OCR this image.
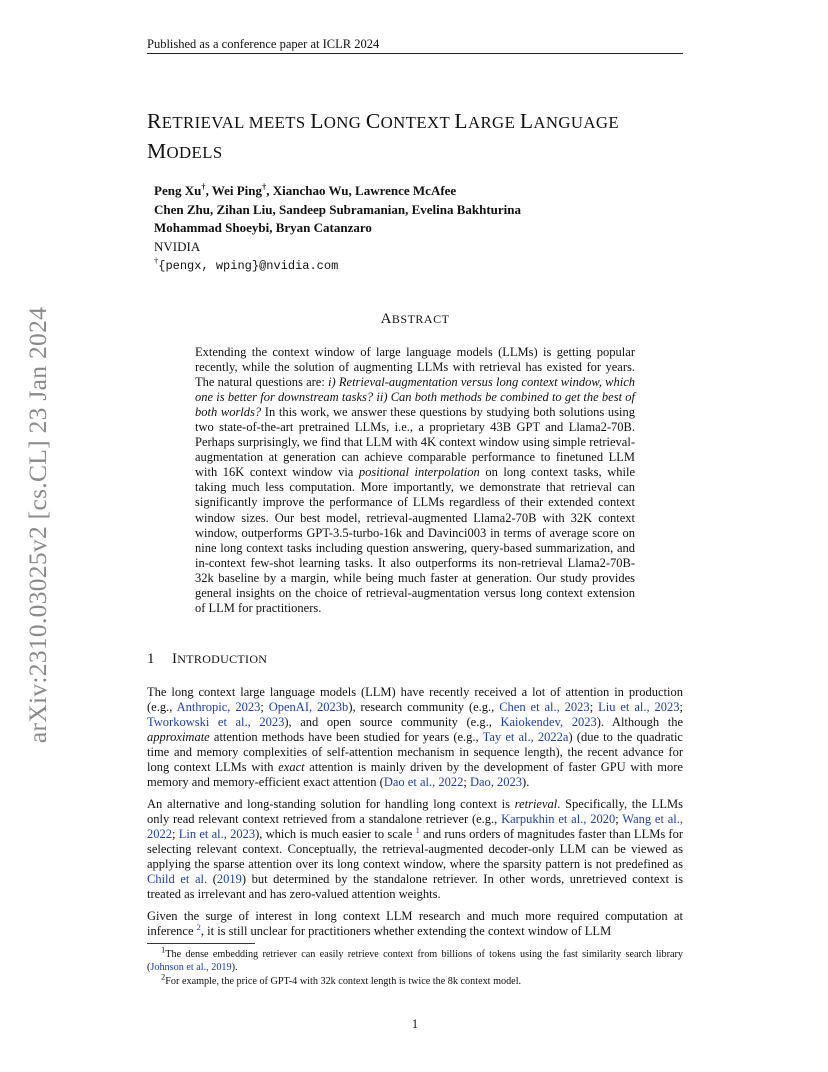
Published as a conference paper at ICLR 2024
arXiv:2310.03025v2 [cs.CL] 23 Jan 2024
RETRIEVAL MEETS LONG CONTEXT LARGE LANGUAGE
MODELS
Peng Xu†, Wei Ping†, Xianchao Wu, Lawrence McAfee
Chen Zhu, Zihan Liu, Sandeep Subramanian, Evelina Bakhturina
Mohammad Shoeybi, Bryan Catanzaro
NVIDIA
†{pengx, wping}@nvidia.com
ABSTRACT
Extending the context window of large language models (LLMs) is getting popular recently, while the solution of augmenting LLMs with retrieval has existed for years. The natural questions are: i) Retrieval-augmentation versus long context window, which one is better for downstream tasks? ii) Can both methods be combined to get the best of both worlds? In this work, we answer these questions by studying both solutions using two state-of-the-art pretrained LLMs, i.e., a proprietary 43B GPT and Llama2-70B. Perhaps surprisingly, we find that LLM with 4K context window using simple retrieval-augmentation at generation can achieve comparable performance to finetuned LLM with 16K context window via positional interpolation on long context tasks, while taking much less computation. More importantly, we demonstrate that retrieval can significantly improve the performance of LLMs regardless of their extended context window sizes. Our best model, retrieval-augmented Llama2-70B with 32K context window, outperforms GPT-3.5-turbo-16k and Davinci003 in terms of average score on nine long context tasks including question answering, query-based summarization, and in-context few-shot learning tasks. It also outperforms its non-retrieval Llama2-70B-32k baseline by a margin, while being much faster at generation. Our study provides general insights on the choice of retrieval-augmentation versus long context extension of LLM for practitioners.
1 INTRODUCTION
The long context large language models (LLM) have recently received a lot of attention in production (e.g., Anthropic, 2023; OpenAI, 2023b), research community (e.g., Chen et al., 2023; Liu et al., 2023; Tworkowski et al., 2023), and open source community (e.g., Kaiokendev, 2023). Although the approximate attention methods have been studied for years (e.g., Tay et al., 2022a) (due to the quadratic time and memory complexities of self-attention mechanism in sequence length), the recent advance for long context LLMs with exact attention is mainly driven by the development of faster GPU with more memory and memory-efficient exact attention (Dao et al., 2022; Dao, 2023).
An alternative and long-standing solution for handling long context is retrieval. Specifically, the LLMs only read relevant context retrieved from a standalone retriever (e.g., Karpukhin et al., 2020; Wang et al., 2022; Lin et al., 2023), which is much easier to scale $^1$ and runs orders of magnitudes faster than LLMs for selecting relevant context. Conceptually, the retrieval-augmented decoder-only LLM can be viewed as applying the sparse attention over its long context window, where the sparsity pattern is not predefined as Child et al. (2019) but determined by the standalone retriever. In other words, unretrieved context is treated as irrelevant and has zero-valued attention weights.
Given the surge of interest in long context LLM research and much more required computation at inference $^2$, it is still unclear for practitioners whether extending the context window of LLM
$^1$The dense embedding retriever can easily retrieve context from billions of tokens using the fast similarity search library (Johnson et al., 2019).
$^2$For example, the price of GPT-4 with 32k context length is twice the 8k context model.
1
